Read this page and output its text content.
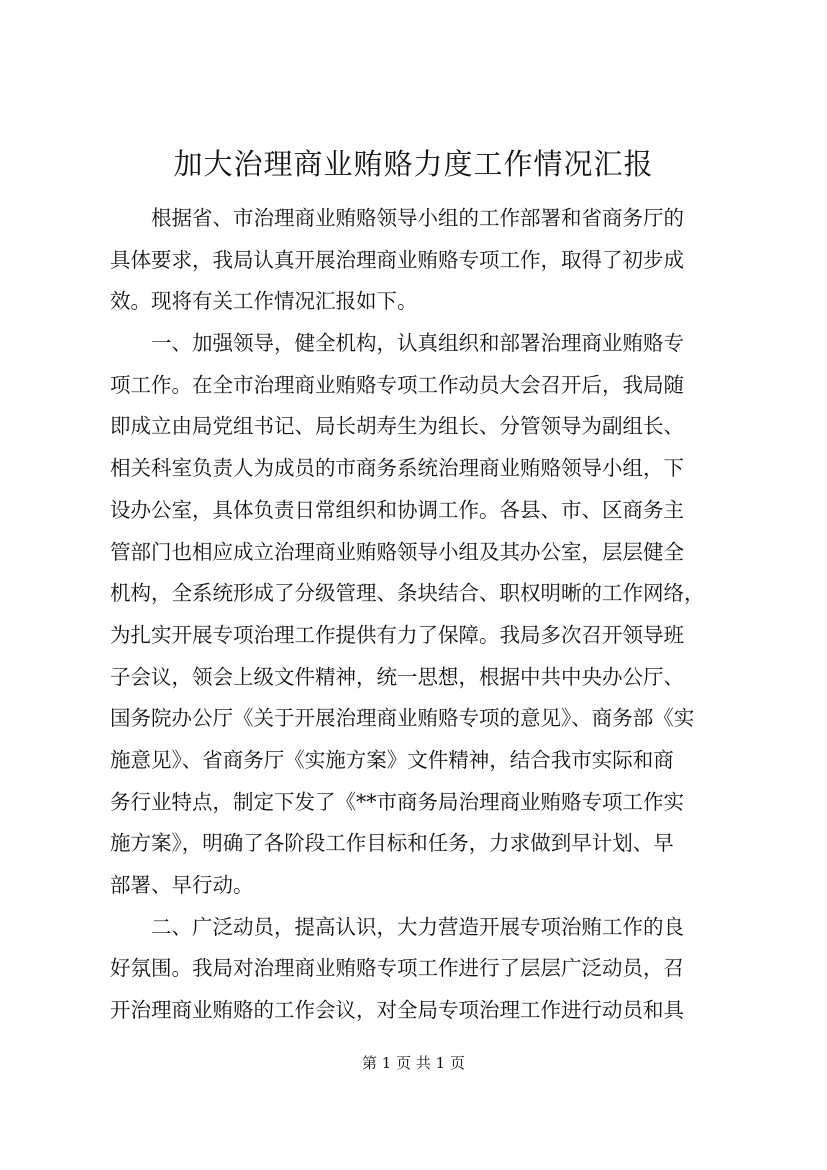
加大治理商业贿赂力度工作情况汇报
　　根据省、市治理商业贿赂领导小组的工作部署和省商务厅的
具体要求，我局认真开展治理商业贿赂专项工作，取得了初步成
效。现将有关工作情况汇报如下。
　　一、加强领导，健全机构，认真组织和部署治理商业贿赂专
项工作。在全市治理商业贿赂专项工作动员大会召开后，我局随
即成立由局党组书记、局长胡寿生为组长、分管领导为副组长、
相关科室负责人为成员的市商务系统治理商业贿赂领导小组，下
设办公室，具体负责日常组织和协调工作。各县、市、区商务主
管部门也相应成立治理商业贿赂领导小组及其办公室，层层健全
机构，全系统形成了分级管理、条块结合、职权明晰的工作网络，
为扎实开展专项治理工作提供有力了保障。我局多次召开领导班
子会议，领会上级文件精神，统一思想，根据中共中央办公厅、
国务院办公厅《关于开展治理商业贿赂专项的意见》、商务部《实
施意见》、省商务厅《实施方案》文件精神，结合我市实际和商
务行业特点，制定下发了《**市商务局治理商业贿赂专项工作实
施方案》，明确了各阶段工作目标和任务，力求做到早计划、早
部署、早行动。
　　二、广泛动员，提高认识，大力营造开展专项治贿工作的良
好氛围。我局对治理商业贿赂专项工作进行了层层广泛动员，召
开治理商业贿赂的工作会议，对全局专项治理工作进行动员和具
第 1 页 共 1 页
